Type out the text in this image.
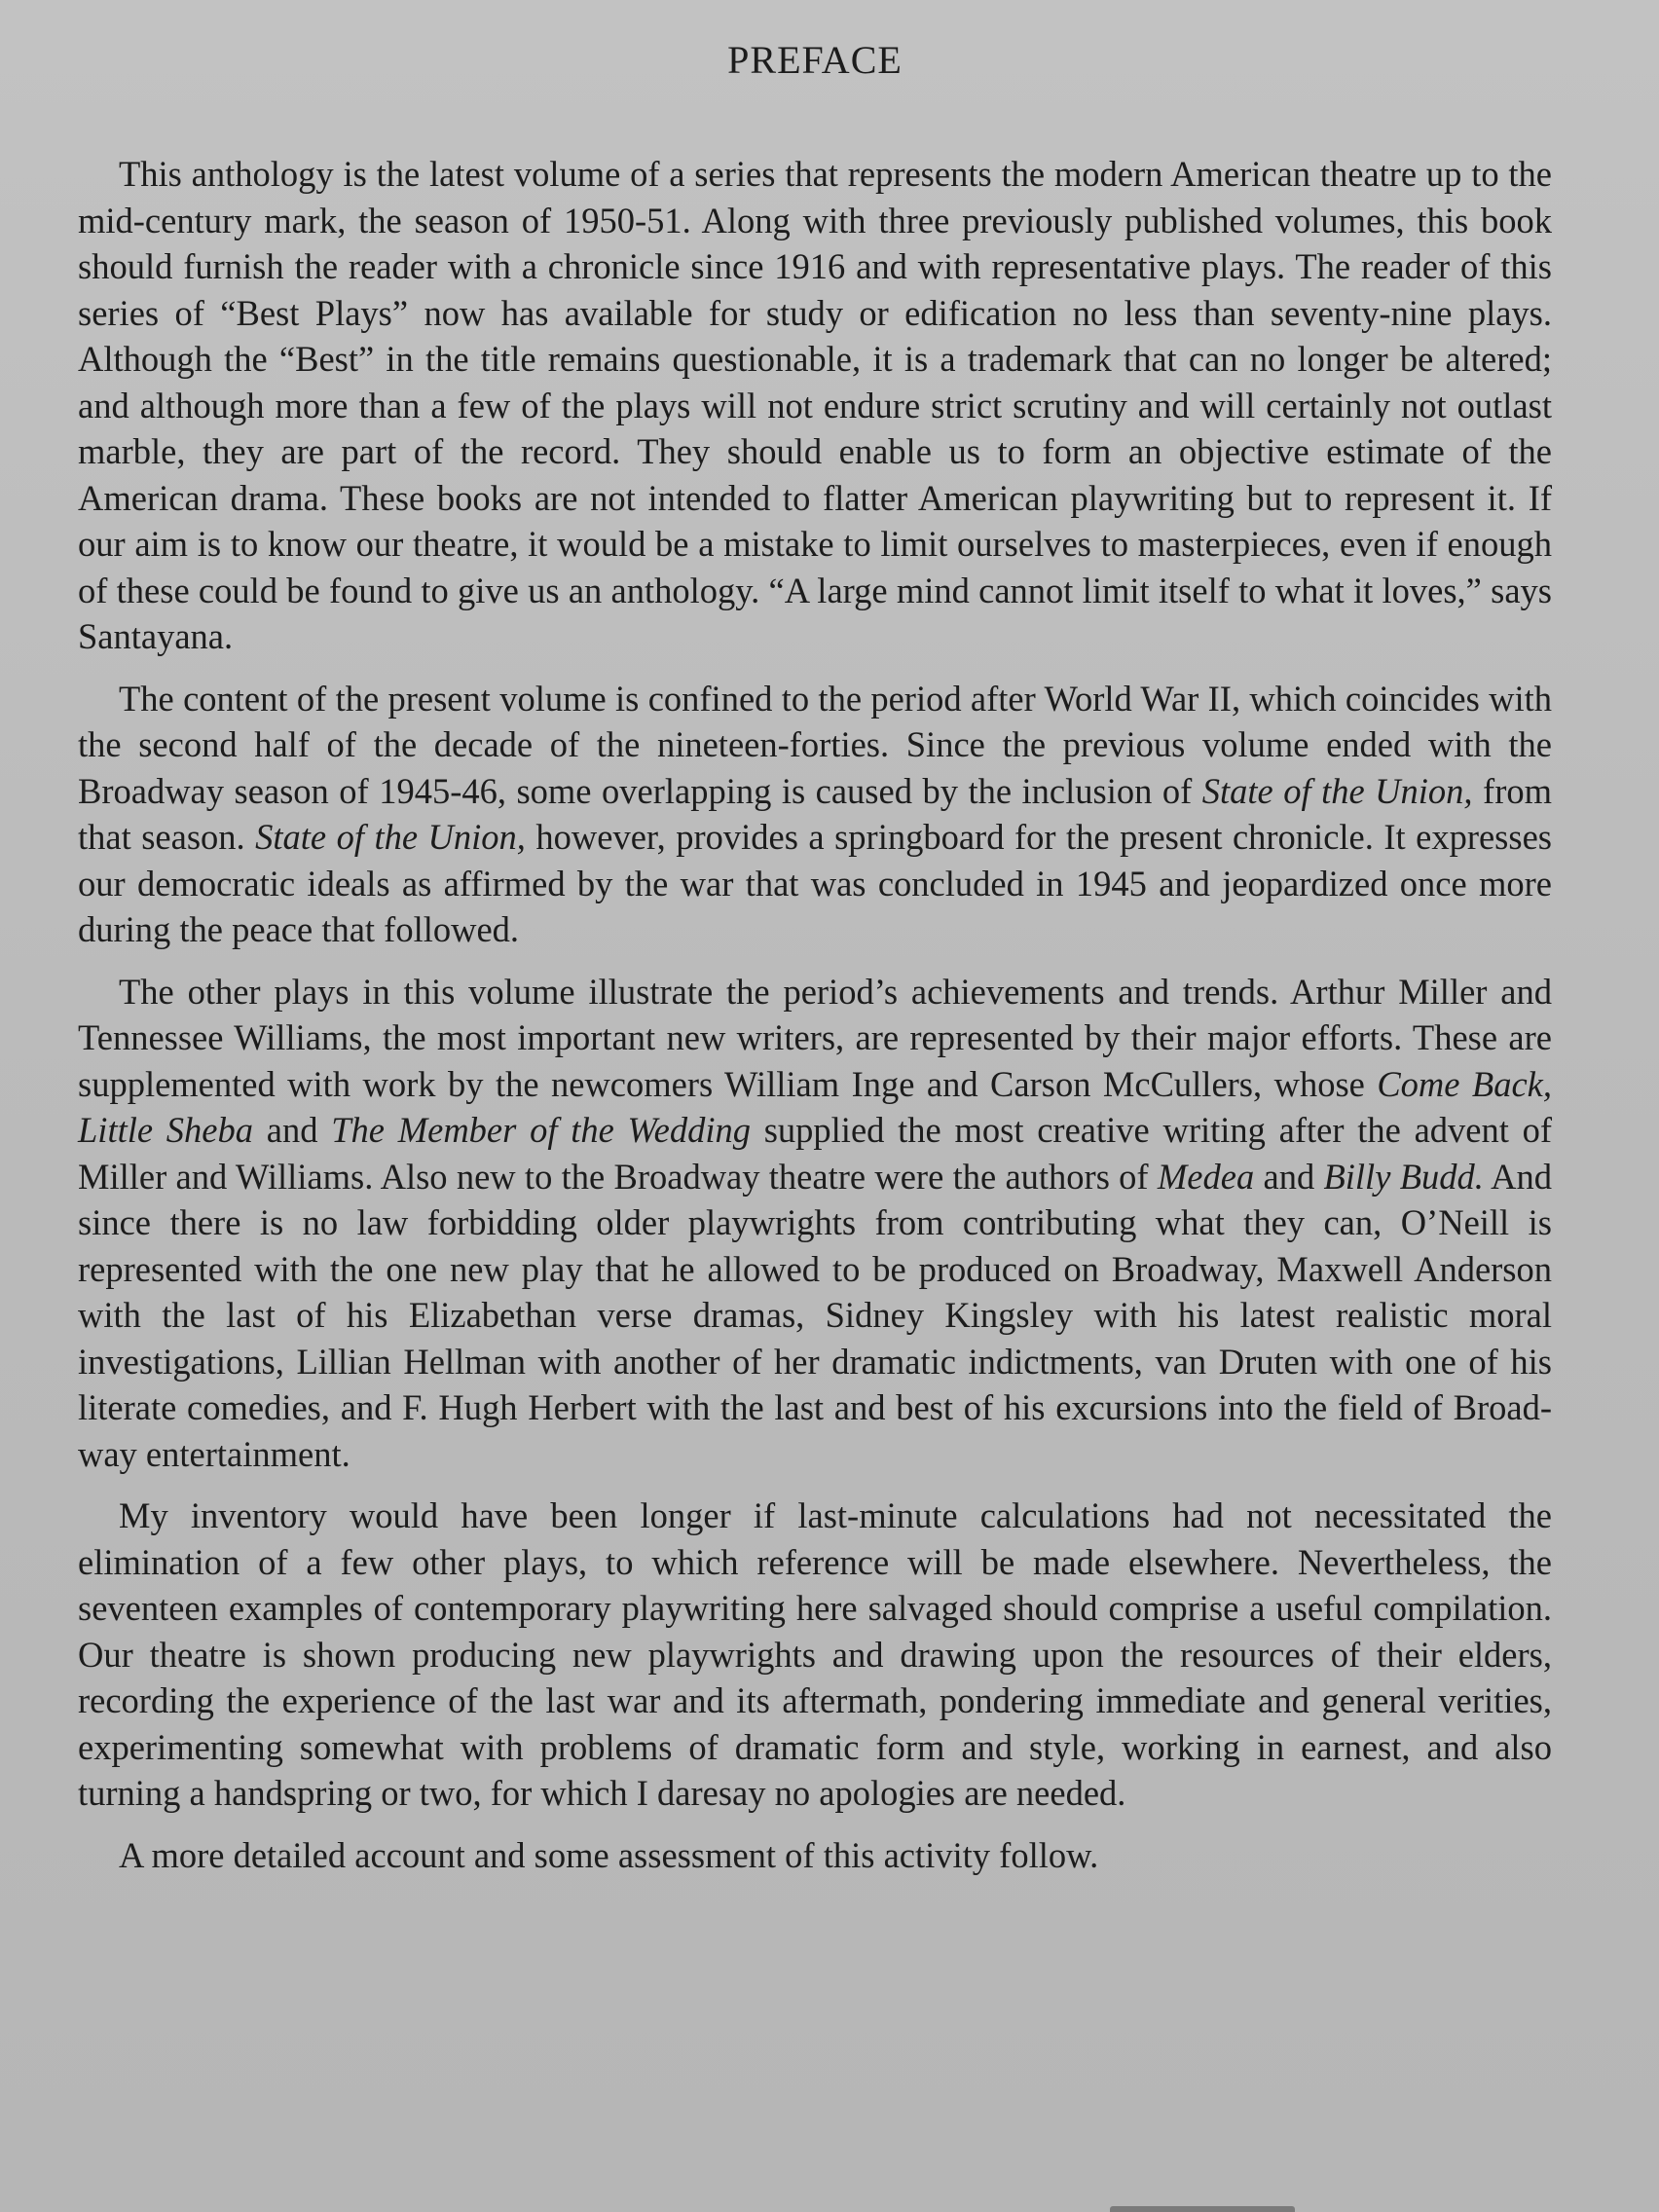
PREFACE

This anthology is the latest volume of a series that represents the modern American theatre up to the mid-century mark, the season of 1950-51. Along with three previously published volumes, this book should furnish the reader with a chronicle since 1916 and with representative plays. The reader of this series of “Best Plays” now has available for study or edification no less than seventy-nine plays. Although the “Best” in the title remains questionable, it is a trademark that can no longer be altered; and although more than a few of the plays will not endure strict scrutiny and will certainly not outlast marble, they are part of the record. They should enable us to form an objective estimate of the American drama. These books are not intended to flatter American playwriting but to represent it. If our aim is to know our theatre, it would be a mistake to limit ourselves to masterpieces, even if enough of these could be found to give us an anthology. “A large mind cannot limit itself to what it loves,” says Santayana.

The content of the present volume is confined to the period after World War II, which coincides with the second half of the decade of the nineteen-forties. Since the previous volume ended with the Broadway season of 1945-46, some overlapping is caused by the inclusion of State of the Union, from that season. State of the Union, however, provides a springboard for the present chronicle. It expresses our democratic ideals as affirmed by the war that was concluded in 1945 and jeopardized once more during the peace that followed.

The other plays in this volume illustrate the period’s achievements and trends. Arthur Miller and Tennessee Williams, the most important new writers, are represented by their major efforts. These are supplemented with work by the newcomers William Inge and Carson McCullers, whose Come Back, Little Sheba and The Member of the Wedding supplied the most creative writing after the advent of Miller and Williams. Also new to the Broadway theatre were the authors of Medea and Billy Budd. And since there is no law forbidding older playwrights from contributing what they can, O’Neill is represented with the one new play that he allowed to be produced on Broadway, Maxwell Anderson with the last of his Elizabethan verse dramas, Sidney Kingsley with his latest realistic moral investigations, Lillian Hellman with another of her dramatic indictments, van Druten with one of his literate comedies, and F. Hugh Herbert with the last and best of his excursions into the field of Broadway entertainment.

My inventory would have been longer if last-minute calculations had not necessitated the elimination of a few other plays, to which reference will be made elsewhere. Nevertheless, the seventeen examples of contemporary playwriting here salvaged should comprise a useful compilation. Our theatre is shown producing new playwrights and drawing upon the resources of their elders, recording the experience of the last war and its aftermath, pondering immediate and general verities, experimenting somewhat with problems of dramatic form and style, working in earnest, and also turning a handspring or two, for which I daresay no apologies are needed.

A more detailed account and some assessment of this activity follow.
